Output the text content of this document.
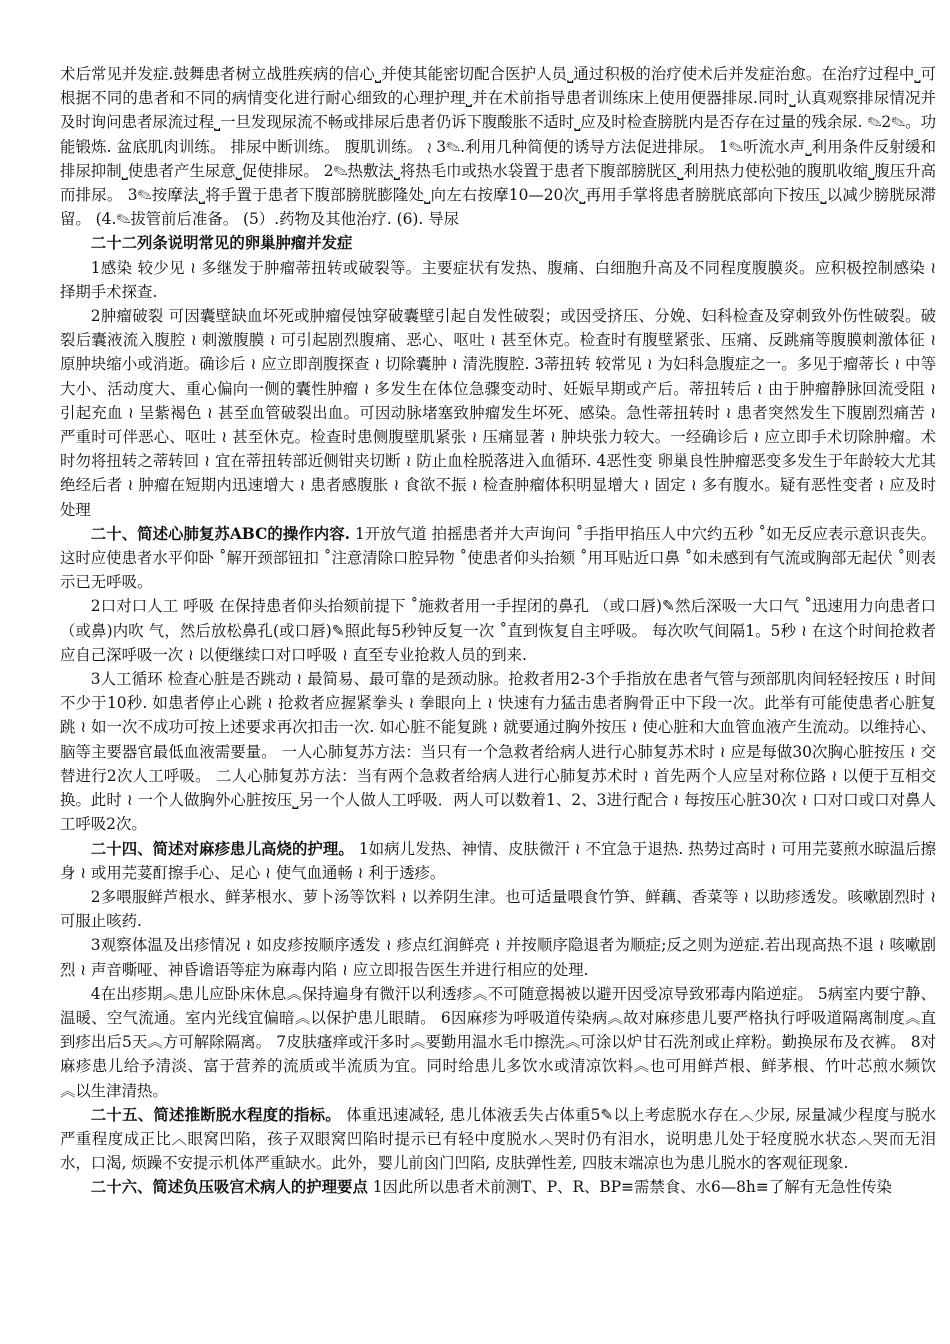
术后常见并发症.鼓舞患者树立战胜疾病的信心⎵并使其能密切配合医护人员⎵通过积极的治疗使术后并发症治愈。在治疗过程中⎵可根据不同的患者和不同的病情变化进行耐心细致的心理护理⎵并在术前指导患者训练床上使用便器排尿.同时⎵认真观察排尿情况并及时询问患者尿流过程⎵一旦发现尿流不畅或排尿后患者仍诉下腹酸胀不适时⎵应及时检查膀胱内是否存在过量的残余尿. ✎2✎。功能锻炼. 盆底肌肉训练。 排尿中断训练。 腹肌训练。 ≀ 3✎.利用几种简便的诱导方法促进排尿。 1✎听流水声⎵利用条件反射缓和排尿抑制⎵使患者产生尿意⎵促使排尿。 2✎热敷法⎵将热毛巾或热水袋置于患者下腹部膀胱区⎵利用热力使松弛的腹肌收缩⎵腹压升高而排尿。 3✎按摩法⎵将手置于患者下腹部膀胱膨隆处⎵向左右按摩10—20次⎵再用手掌将患者膀胱底部向下按压⎵以减少膀胱尿滞留。 (4.✎拔管前后准备。 (5）.药物及其他治疗. (6). 导尿

二十二列条说明常见的卵巢肿瘤并发症

1感染 较少见 ≀ 多继发于肿瘤蒂扭转或破裂等。主要症状有发热、腹痛、白细胞升高及不同程度腹膜炎。应积极控制感染 ≀ 择期手术探查.

2肿瘤破裂 可因囊壁缺血坏死或肿瘤侵蚀穿破囊壁引起自发性破裂；或因受挤压、分娩、妇科检查及穿刺致外伤性破裂。破裂后囊液流入腹腔 ≀ 刺激腹膜 ≀ 可引起剧烈腹痛、恶心、呕吐 ≀ 甚至休克。检查时有腹壁紧张、压痛、反跳痛等腹膜刺激体征 ≀ 原肿块缩小或消逝。确诊后 ≀ 应立即剖腹探查 ≀ 切除囊肿 ≀ 清洗腹腔. 3蒂扭转 较常见 ≀ 为妇科急腹症之一。多见于瘤蒂长 ≀ 中等大小、活动度大、重心偏向一侧的囊性肿瘤 ≀ 多发生在体位急骤变动时、妊娠早期或产后。蒂扭转后 ≀ 由于肿瘤静脉回流受阻 ≀ 引起充血 ≀ 呈紫褐色 ≀ 甚至血管破裂出血。可因动脉堵塞致肿瘤发生坏死、感染。急性蒂扭转时 ≀ 患者突然发生下腹剧烈痛苦 ≀ 严重时可伴恶心、呕吐 ≀ 甚至休克。检查时患侧腹壁肌紧张 ≀ 压痛显著 ≀ 肿块张力较大。一经确诊后 ≀ 应立即手术切除肿瘤。术时勿将扭转之蒂转回 ≀ 宜在蒂扭转部近侧钳夹切断 ≀ 防止血栓脱落进入血循环. 4恶性变 卵巢良性肿瘤恶变多发生于年龄较大尤其绝经后者 ≀ 肿瘤在短期内迅速增大 ≀ 患者感腹胀 ≀ 食欲不振 ≀ 检查肿瘤体积明显增大 ≀ 固定 ≀ 多有腹水。疑有恶性变者 ≀ 应及时处理

二十、简述心肺复苏ABC的操作内容. 1开放气道 拍摇患者并大声询问 ˚手指甲掐压人中穴约五秒 ˚如无反应表示意识丧失。这时应使患者水平仰卧 ˚解开颈部钮扣 ˚注意清除口腔异物 ˚使患者仰头抬颏 ˚用耳贴近口鼻 ˚如未感到有气流或胸部无起伏 ˚则表示已无呼吸。

2口对口人工 呼吸 在保持患者仰头抬颏前提下 ˚施救者用一手捏闭的鼻孔 （或口唇)✎然后深吸一大口气 ˚迅速用力向患者口 （或鼻)内吹 气，然后放松鼻孔(或口唇)✎照此每5秒钟反复一次 ˚直到恢复自主呼吸。 每次吹气间隔1。5秒 ≀ 在这个时间抢救者应自己深呼吸一次 ≀ 以便继续口对口呼吸 ≀ 直至专业抢救人员的到来.

3人工循环 检查心脏是否跳动 ≀ 最简易、最可靠的是颈动脉。抢救者用2-3个手指放在患者气管与颈部肌肉间轻轻按压 ≀ 时间不少于10秒. 如患者停止心跳 ≀ 抢救者应握紧拳头 ≀ 拳眼向上 ≀ 快速有力猛击患者胸骨正中下段一次。此举有可能使患者心脏复跳 ≀ 如一次不成功可按上述要求再次扣击一次. 如心脏不能复跳 ≀ 就要通过胸外按压 ≀ 使心脏和大血管血液产生流动。以维持心、脑等主要器官最低血液需要量。 一人心肺复苏方法：当只有一个急救者给病人进行心肺复苏术时 ≀ 应是每做30次胸心脏按压 ≀ 交替进行2次人工呼吸。 二人心肺复苏方法：当有两个急救者给病人进行心肺复苏术时 ≀ 首先两个人应呈对称位路 ≀ 以便于互相交换。此时 ≀ 一个人做胸外心脏按压⎵另一个人做人工呼吸．两人可以数着1、2、3进行配合 ≀ 每按压心脏30次 ≀ 口对口或口对鼻人工呼吸2次。

二十四、简述对麻疹患儿高烧的护理。 1如病儿发热、神情、皮肤微汗 ≀ 不宜急于退热. 热势过高时 ≀ 可用芫荽煎水晾温后擦身 ≀ 或用芫荽酊擦手心、足心 ≀ 使气血通畅 ≀ 利于透疹。

2多喂服鲜芦根水、鲜茅根水、萝卜汤等饮料 ≀ 以养阴生津。也可适量喂食竹笋、鲜藕、香菜等 ≀ 以助疹透发。咳嗽剧烈时 ≀ 可服止咳药.

3观察体温及出疹情况 ≀ 如皮疹按顺序透发 ≀ 疹点红润鲜亮 ≀ 并按顺序隐退者为顺症;反之则为逆症.若出现高热不退 ≀ 咳嗽剧烈 ≀ 声音嘶哑、神昏谵语等症为麻毒内陷 ≀ 应立即报告医生并进行相应的处理.

4在出疹期︽患儿应卧床休息︽保持遍身有微汗以利透疹︽不可随意揭被以避开因受凉导致邪毒内陷逆症。 5病室内要宁静、温暖、空气流通。室内光线宜偏暗︽以保护患儿眼睛。 6因麻疹为呼吸道传染病︽故对麻疹患儿要严格执行呼吸道隔离制度︽直到疹出后5天︽方可解除隔离。 7皮肤瘙痒或汗多时︽要勤用温水毛巾擦洗︽可涂以炉甘石洗剂或止痒粉。勤换尿布及衣裤。 8对麻疹患儿给予清淡、富于营养的流质或半流质为宜。同时给患儿多饮水或清凉饮料︽也可用鲜芦根、鲜茅根、竹叶芯煎水频饮︽以生津清热。

二十五、简述推断脱水程度的指标。 体重迅速减轻, 患儿体液丢失占体重5✎以上考虑脱水存在︿少尿, 尿量减少程度与脱水严重程度成正比︿眼窝凹陷，孩子双眼窝凹陷时提示已有轻中度脱水︿哭时仍有泪水，说明患儿处于轻度脱水状态︿哭而无泪水，口渴, 烦躁不安提示机体严重缺水。此外，婴儿前囟门凹陷, 皮肤弹性差, 四肢末端凉也为患儿脱水的客观征现象.

二十六、简述负压吸宫术病人的护理要点 1因此所以患者术前测T、P、R、BP≡需禁食、水6—8h≡了解有无急性传染
